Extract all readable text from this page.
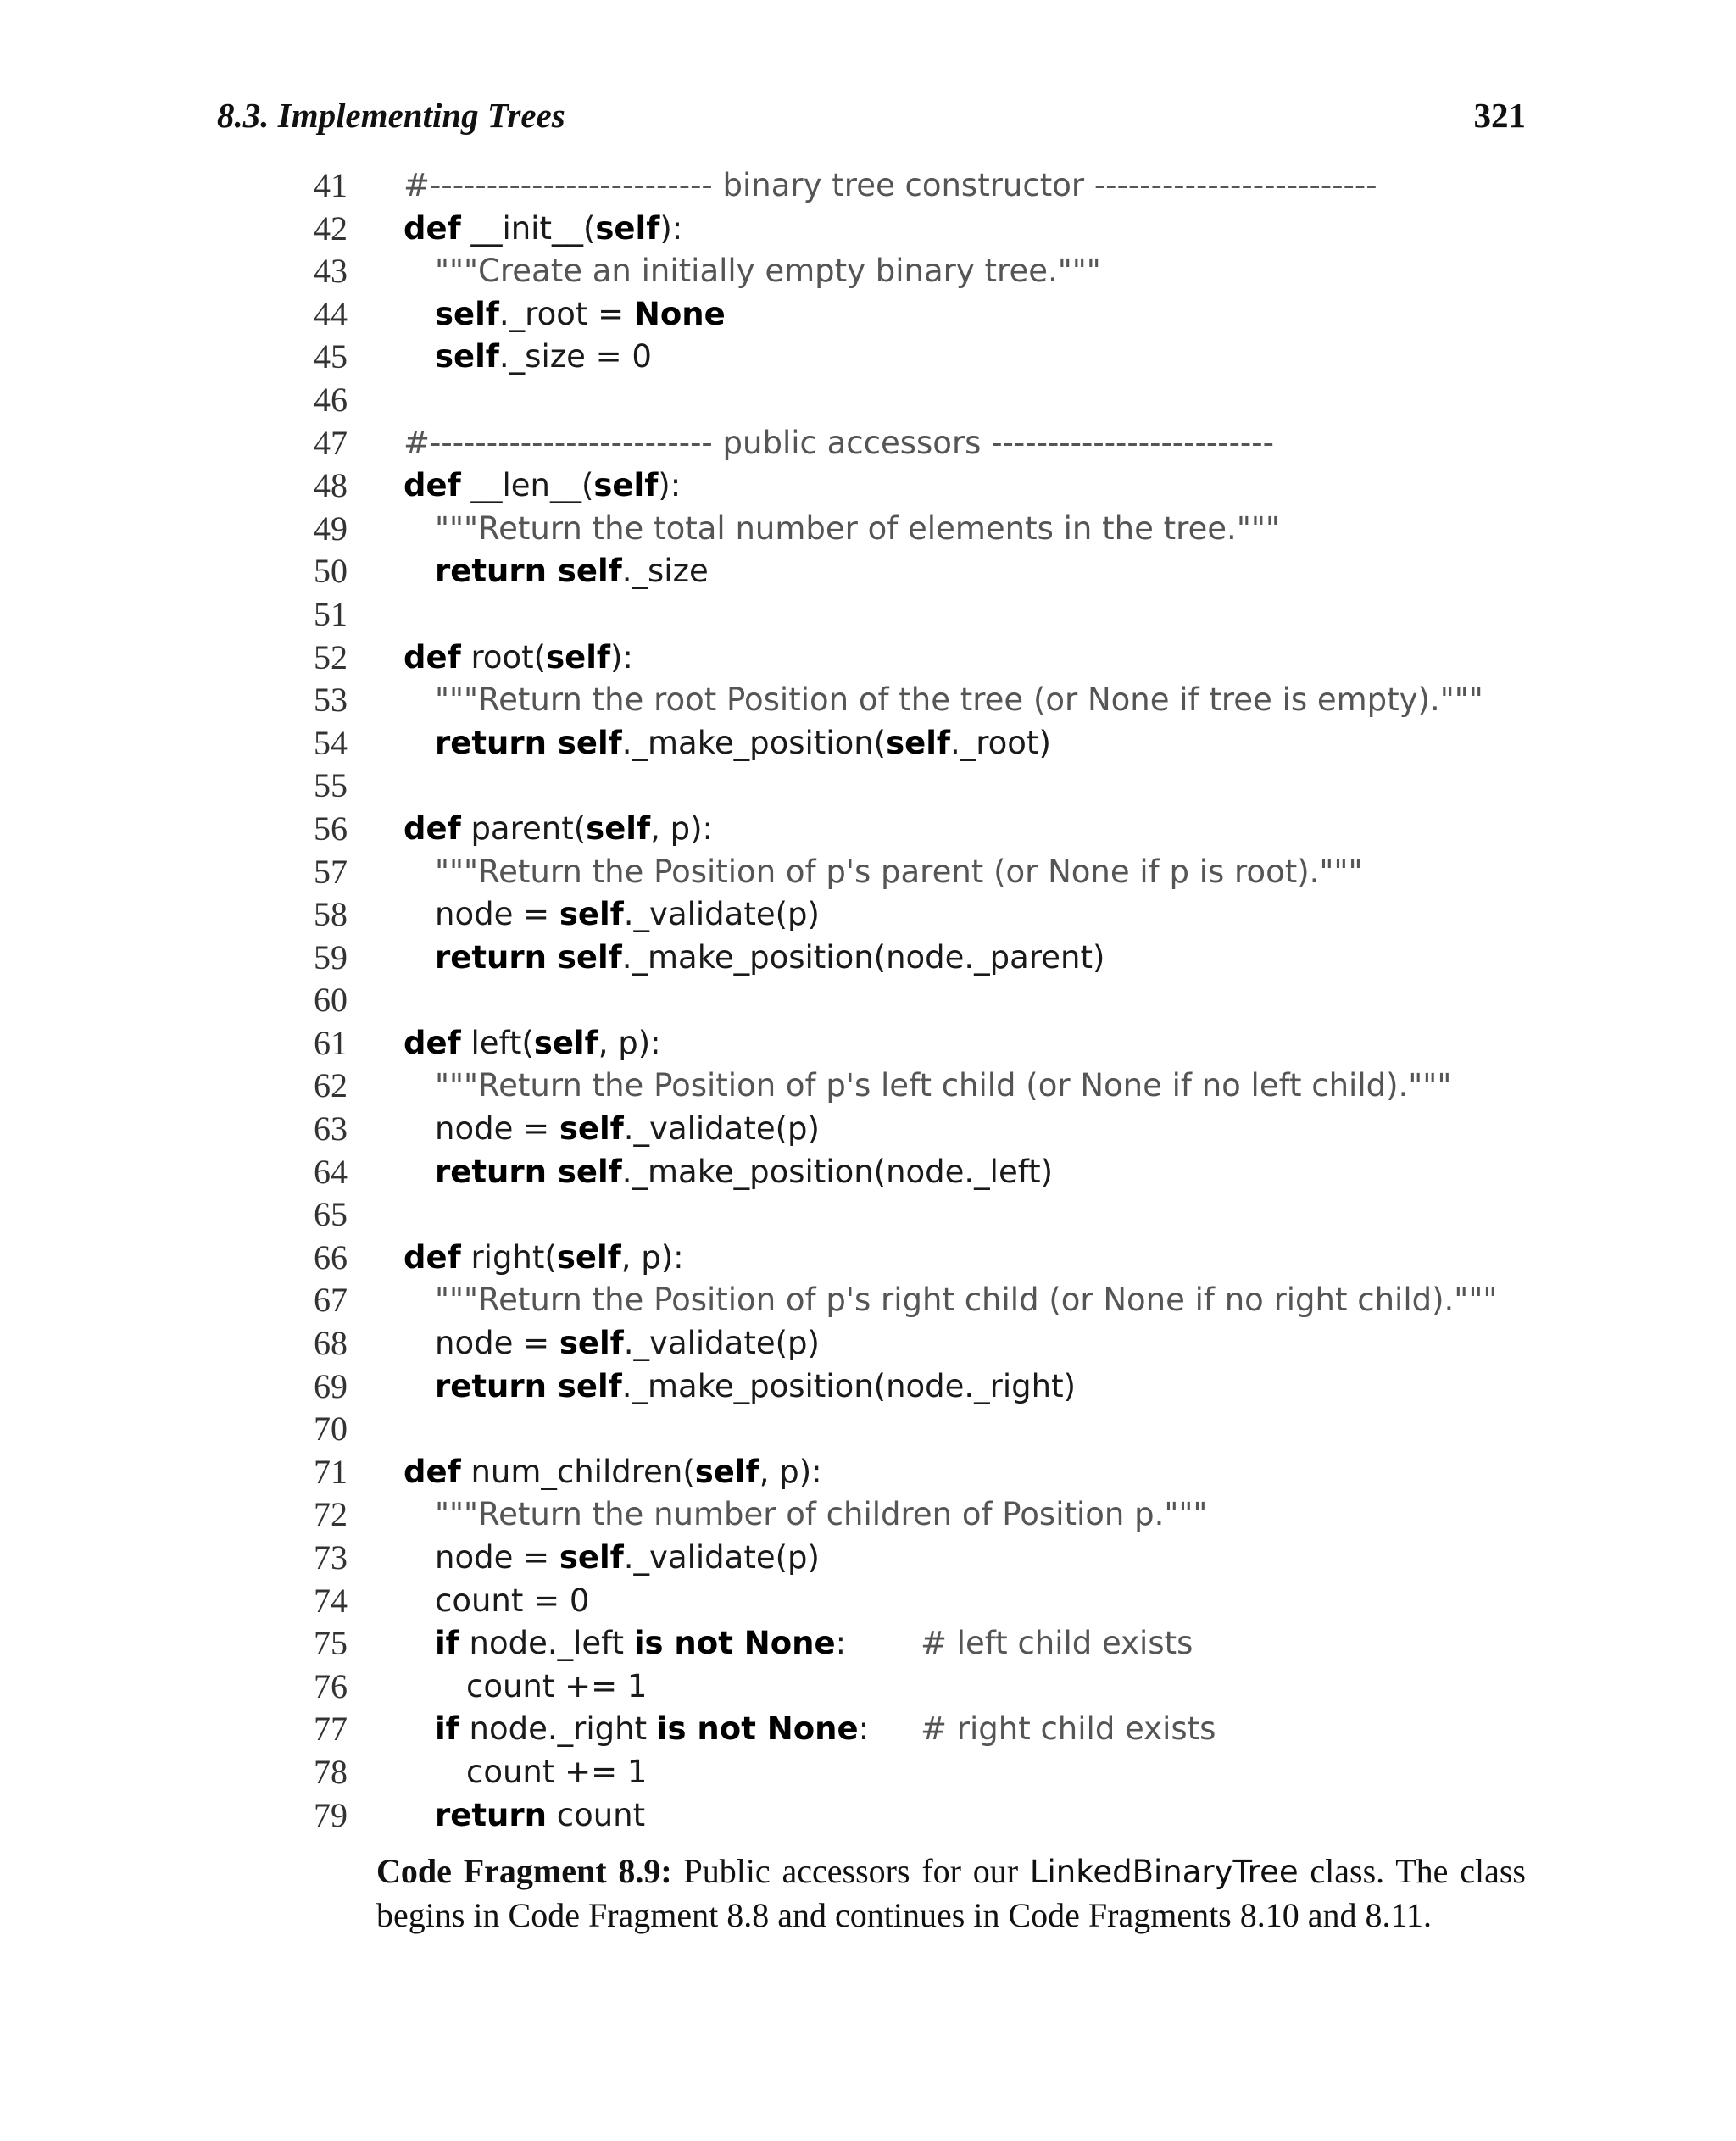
8.3. Implementing Trees	321
41 #------------------------- binary tree constructor -------------------------
42 def __init__(self):
43	"""Create an initially empty binary tree."""
44	self._root = None
45	self._size = 0
46
47 #------------------------- public accessors -------------------------
48 def __len__(self):
49	"""Return the total number of elements in the tree."""
50	return self._size
51
52 def root(self):
53	"""Return the root Position of the tree (or None if tree is empty)."""
54	return self._make_position(self._root)
55
56 def parent(self, p):
57	"""Return the Position of p's parent (or None if p is root)."""
58	node = self._validate(p)
59	return self._make_position(node._parent)
60
61 def left(self, p):
62	"""Return the Position of p's left child (or None if no left child)."""
63	node = self._validate(p)
64	return self._make_position(node._left)
65
66 def right(self, p):
67	"""Return the Position of p's right child (or None if no right child)."""
68	node = self._validate(p)
69	return self._make_position(node._right)
70
71 def num_children(self, p):
72	"""Return the number of children of Position p."""
73	node = self._validate(p)
74	count = 0
75	if node._left is not None: # left child exists
76	count += 1
77	if node._right is not None: # right child exists
78	count += 1
79	return count
Code Fragment 8.9: Public accessors for our LinkedBinaryTree class. The class
begins in Code Fragment 8.8 and continues in Code Fragments 8.10 and 8.11.
